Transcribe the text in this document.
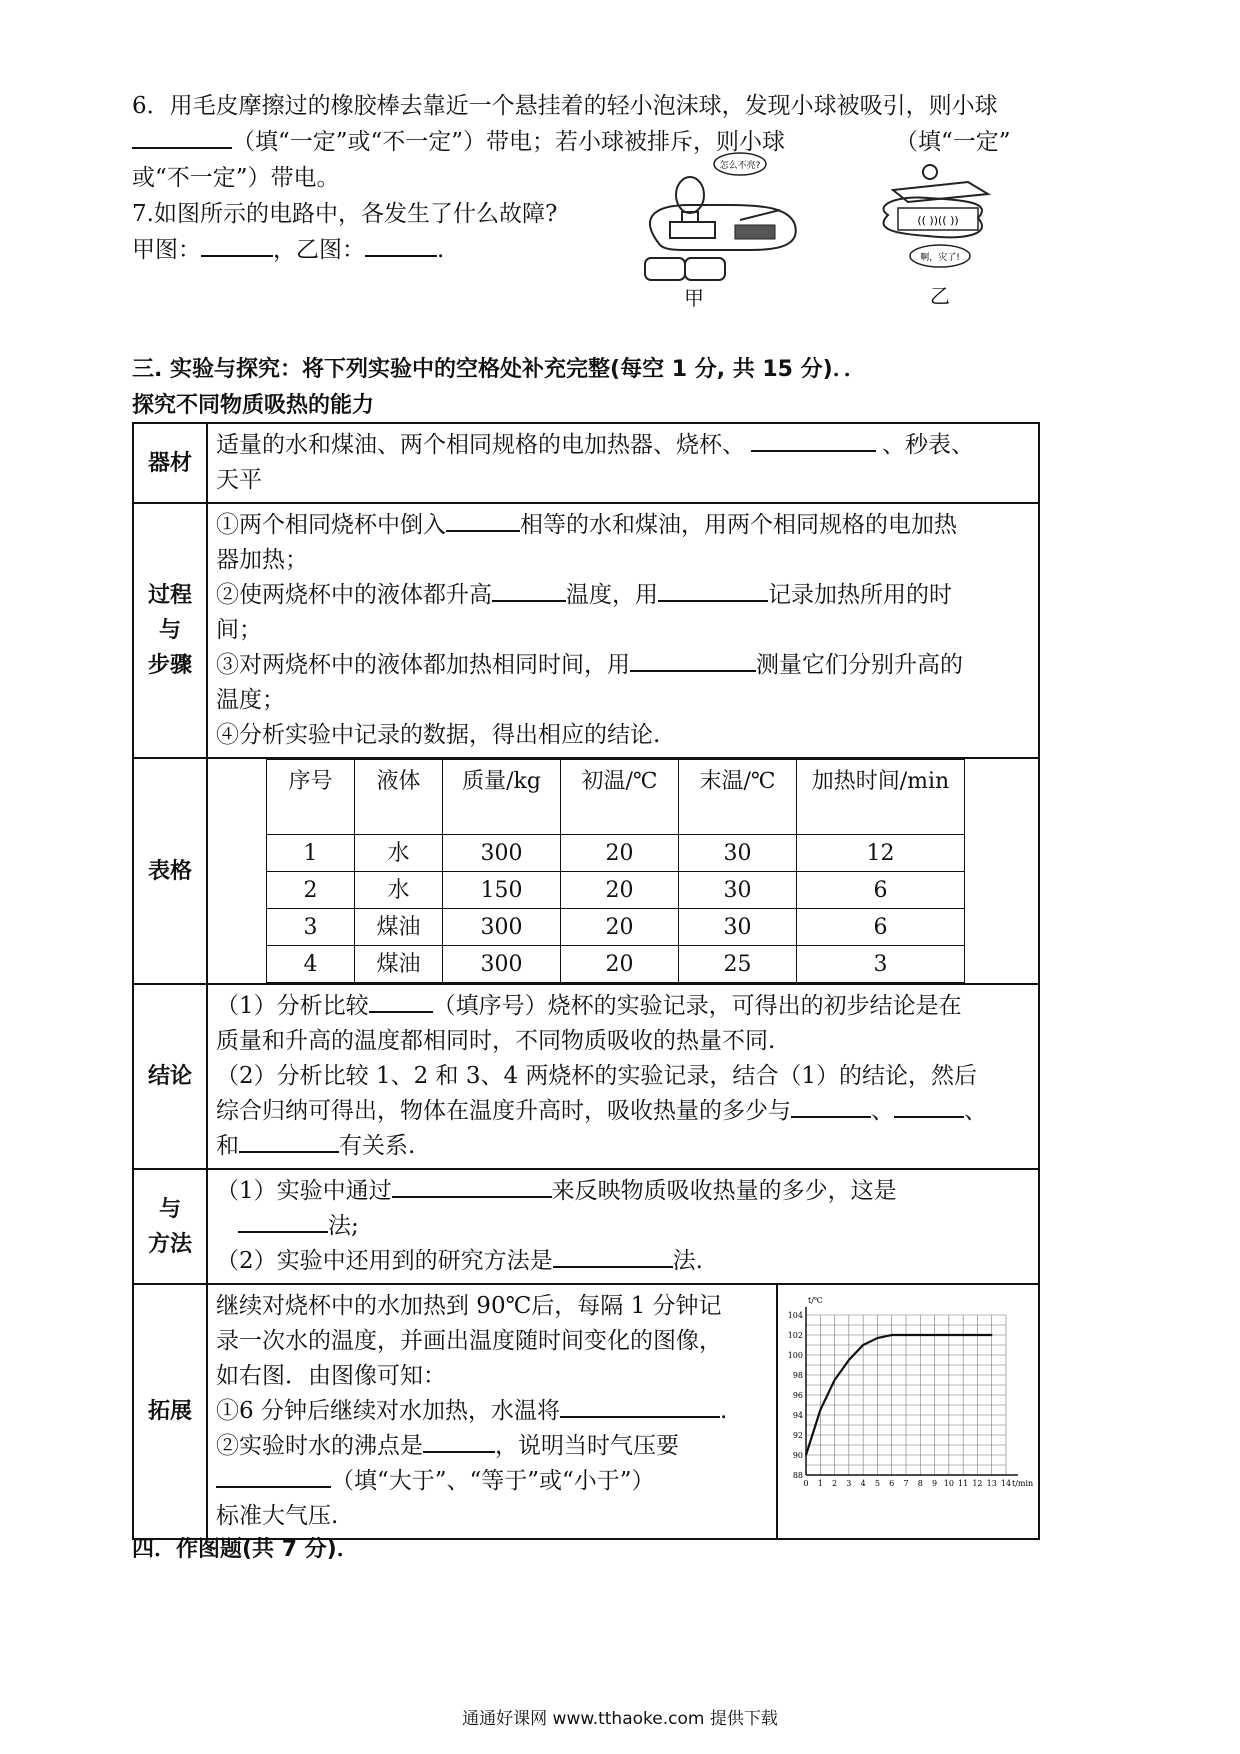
6．用毛皮摩擦过的橡胶棒去靠近一个悬挂着的轻小泡沫球，发现小球被吸引，则小球
（填“一定”或“不一定”）带电；若小球被排斥，则小球	（填“一定”
或“不一定”）带电。
7.如图所示的电路中，各发生了什么故障?
甲图：	，乙图：	.
怎么不亮?
甲
(( ))(( ))
啊，灾了!
乙
三. 实验与探究：将下列实验中的空格处补充完整(每空 1 分, 共 15 分)．．
探究不同物质吸热的能力
器材	
适量的水和煤油、两个相同规格的电加热器、烧杯、	、秒表、
天平

过程
与
步骤

①两个相同烧杯中倒入	相等的水和煤油，用两个相同规格的电加热
器加热；
②使两烧杯中的液体都升高	温度，用	记录加热所用的时
间；
③对两烧杯中的液体都加热相同时间，用	测量它们分别升高的
温度；
④分析实验中记录的数据，得出相应的结论.

表格	
序号	液体	质量/kg	初温/℃	末温/℃	加热时间/min
1	水	300	20	30	12
2	水	150	20	30	6
3	煤油	300	20	30	6
4	煤油	300	20	25	3

结论	
（1）分析比较	（填序号）烧杯的实验记录，可得出的初步结论是在
质量和升高的温度都相同时，不同物质吸收的热量不同.
（2）分析比较 1、2 和 3、4 两烧杯的实验记录，结合（1）的结论，然后
综合归纳可得出，物体在温度升高时，吸收热量的多少与	、	、
和	有关系.

与
方法

（1）实验中通过	来反映物质吸收热量的多少，这是
法;
（2）实验中还用到的研究方法是	法.

拓展	
继续对烧杯中的水加热到 90℃后，每隔 1 分钟记
录一次水的温度，并画出温度随时间变化的图像，
如右图．由图像可知：
①6 分钟后继续对水加热，水温将	.
②实验时水的沸点是	，说明当时气压要
（填“大于”、“等于”或“小于”）
标准大气压.
88
90
92
94
96
98
100
102
104
0 1 2 3 4 5 6 7 8 9 10 11 12 13 14
t/℃
t/min
四．作图题(共 7 分)．
通通好课网 www.tthaoke.com 提供下载
